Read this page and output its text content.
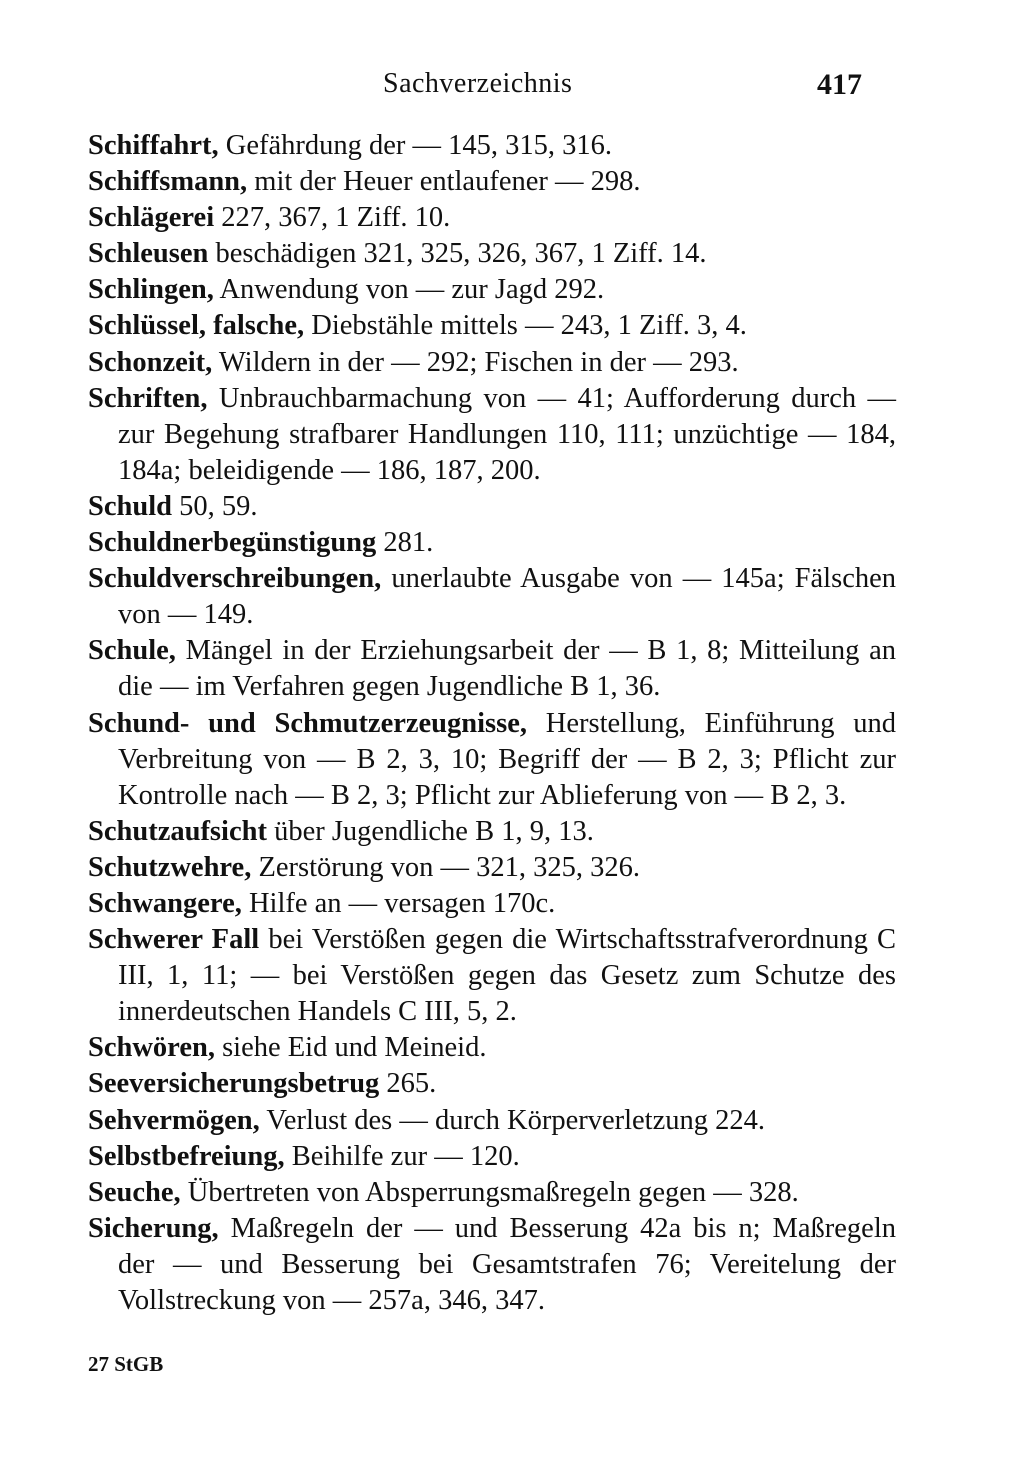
Sachverzeichnis	417

Schiffahrt, Gefährdung der — 145, 315, 316.

Schiffsmann, mit der Heuer entlaufener — 298.

Schlägerei 227, 367, 1 Ziff. 10.

Schleusen beschädigen 321, 325, 326, 367, 1 Ziff. 14.

Schlingen, Anwendung von — zur Jagd 292.

Schlüssel, falsche, Diebstähle mittels — 243, 1 Ziff. 3, 4.

Schonzeit, Wildern in der — 292; Fischen in der — 293.

Schriften, Unbrauchbarmachung von — 41; Aufforderung durch — zur Begehung strafbarer Handlungen 110, 111; unzüchtige — 184, 184a; beleidigende — 186, 187, 200.

Schuld 50, 59.

Schuldnerbegünstigung 281.

Schuldverschreibungen, unerlaubte Ausgabe von — 145a; Fälschen von — 149.

Schule, Mängel in der Erziehungsarbeit der — B 1, 8; Mitteilung an die — im Verfahren gegen Jugendliche B 1, 36.

Schund- und Schmutzerzeugnisse, Herstellung, Einführung und Verbreitung von — B 2, 3, 10; Begriff der — B 2, 3; Pflicht zur Kontrolle nach — B 2, 3; Pflicht zur Ablieferung von — B 2, 3.

Schutzaufsicht über Jugendliche B 1, 9, 13.

Schutzwehre, Zerstörung von — 321, 325, 326.

Schwangere, Hilfe an — versagen 170c.

Schwerer Fall bei Verstößen gegen die Wirtschaftsstrafverordnung C III, 1, 11; — bei Verstößen gegen das Gesetz zum Schutze des innerdeutschen Handels C III, 5, 2.

Schwören, siehe Eid und Meineid.

Seeversicherungsbetrug 265.

Sehvermögen, Verlust des — durch Körperverletzung 224.

Selbstbefreiung, Beihilfe zur — 120.

Seuche, Übertreten von Absperrungsmaßregeln gegen — 328.

Sicherung, Maßregeln der — und Besserung 42a bis n; Maßregeln der — und Besserung bei Gesamtstrafen 76; Vereitelung der Vollstreckung von — 257a, 346, 347.

27 StGB
